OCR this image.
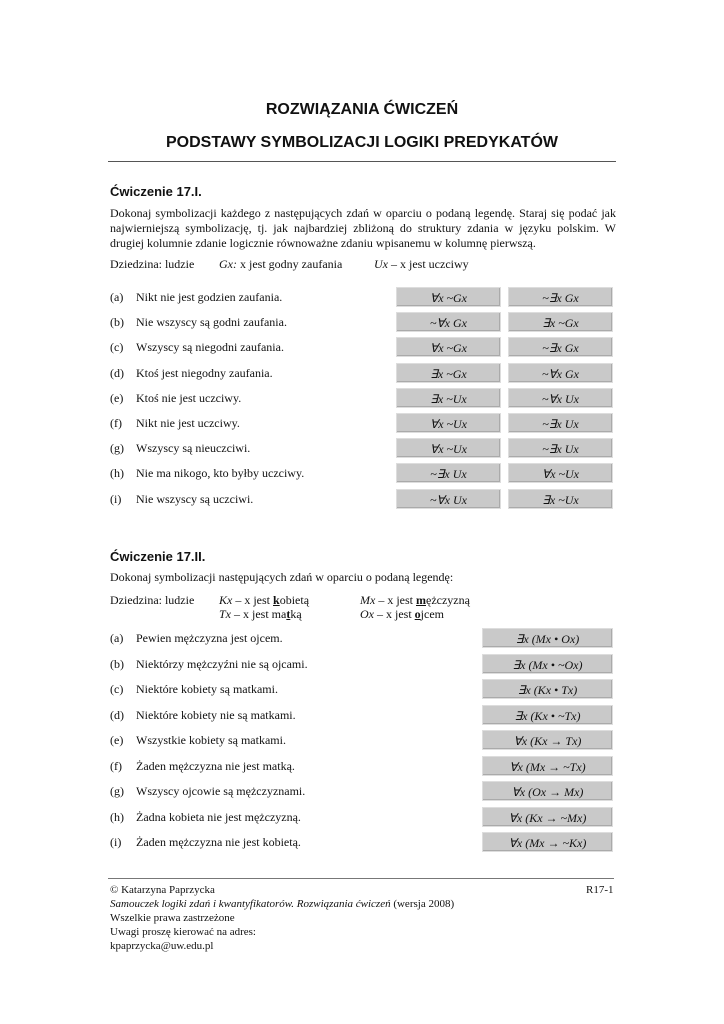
ROZWIĄZANIA ĆWICZEŃ
PODSTAWY SYMBOLIZACJI LOGIKI PREDYKATÓW
Ćwiczenie 17.I.
Dokonaj symbolizacji każdego z następujących zdań w oparciu o podaną legendę. Staraj się podać jak najwierniejszą symbolizację, tj. jak najbardziej zbliżoną do struktury zdania w języku polskim. W drugiej kolumnie zdanie logicznie równoważne zdaniu wpisanemu w kolumnę pierwszą.
Dziedzina: ludzie Gx: x jest godny zaufania	Ux – x jest uczciwy
(a)	Nikt nie jest godzien zaufania.	∀x ~Gx	~∃x Gx
(b)	Nie wszyscy są godni zaufania.	~∀x Gx	∃x ~Gx
(c)	Wszyscy są niegodni zaufania.	∀x ~Gx	~∃x Gx
(d)	Ktoś jest niegodny zaufania.	∃x ~Gx	~∀x Gx
(e)	Ktoś nie jest uczciwy.	∃x ~Ux	~∀x Ux
(f)	Nikt nie jest uczciwy.	∀x ~Ux	~∃x Ux
(g)	Wszyscy są nieuczciwi.	∀x ~Ux	~∃x Ux
(h)	Nie ma nikogo, kto byłby uczciwy.	~∃x Ux	∀x ~Ux
(i)	Nie wszyscy są uczciwi.	~∀x Ux	∃x ~Ux
Ćwiczenie 17.II.
Dokonaj symbolizacji następujących zdań w oparciu o podaną legendę:
Dziedzina: ludzie Kx – x jest kobietą
Tx – x jest matką
Mx – x jest mężczyzną
Ox – x jest ojcem
(a)	Pewien mężczyzna jest ojcem.	∃x (Mx • Ox)
(b)	Niektórzy mężczyźni nie są ojcami.	∃x (Mx • ~Ox)
(c)	Niektóre kobiety są matkami.	∃x (Kx • Tx)
(d)	Niektóre kobiety nie są matkami.	∃x (Kx • ~Tx)
(e)	Wszystkie kobiety są matkami.	∀x (Kx → Tx)
(f)	Żaden mężczyzna nie jest matką.	∀x (Mx → ~Tx)
(g)	Wszyscy ojcowie są mężczyznami.	∀x (Ox → Mx)
(h)	Żadna kobieta nie jest mężczyzną.	∀x (Kx → ~Mx)
(i)	Żaden mężczyzna nie jest kobietą.	∀x (Mx → ~Kx)
© Katarzyna Paprzycka	R17-1
Samouczek logiki zdań i kwantyfikatorów. Rozwiązania ćwiczeń (wersja 2008)
Wszelkie prawa zastrzeżone
Uwagi proszę kierować na adres:
kpaprzycka@uw.edu.pl
